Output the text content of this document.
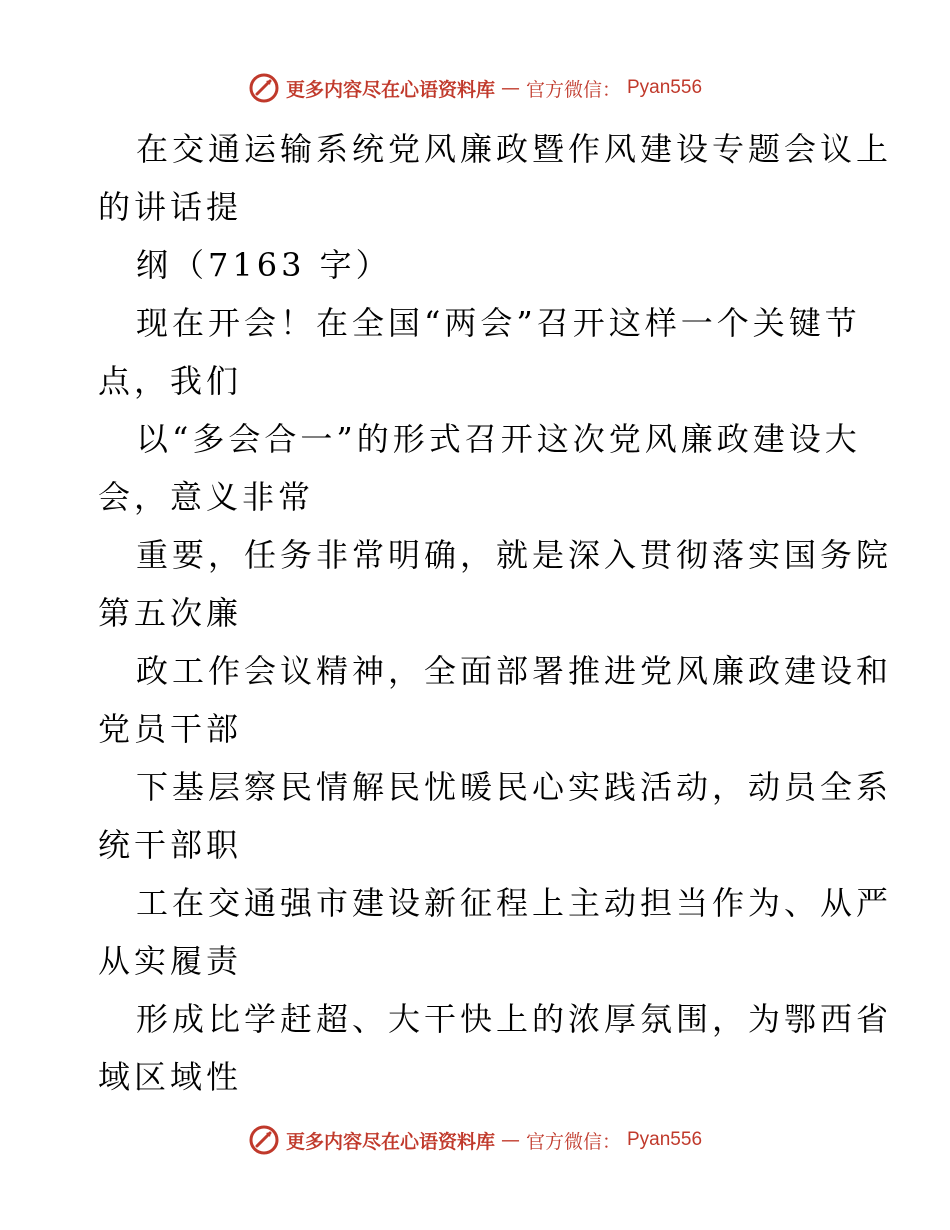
更多内容尽在心语资料库 — 官方微信： Pyan556
在交通运输系统党风廉政暨作风建设专题会议上
的讲话提
纲（7163 字）
现在开会！在全国“两会”召开这样一个关键节
点，我们
以“多会合一”的形式召开这次党风廉政建设大
会，意义非常
重要，任务非常明确，就是深入贯彻落实国务院
第五次廉
政工作会议精神，全面部署推进党风廉政建设和
党员干部
下基层察民情解民忧暖民心实践活动，动员全系
统干部职
工在交通强市建设新征程上主动担当作为、从严
从实履责
形成比学赶超、大干快上的浓厚氛围，为鄂西省
域区域性
更多内容尽在心语资料库 — 官方微信： Pyan556
